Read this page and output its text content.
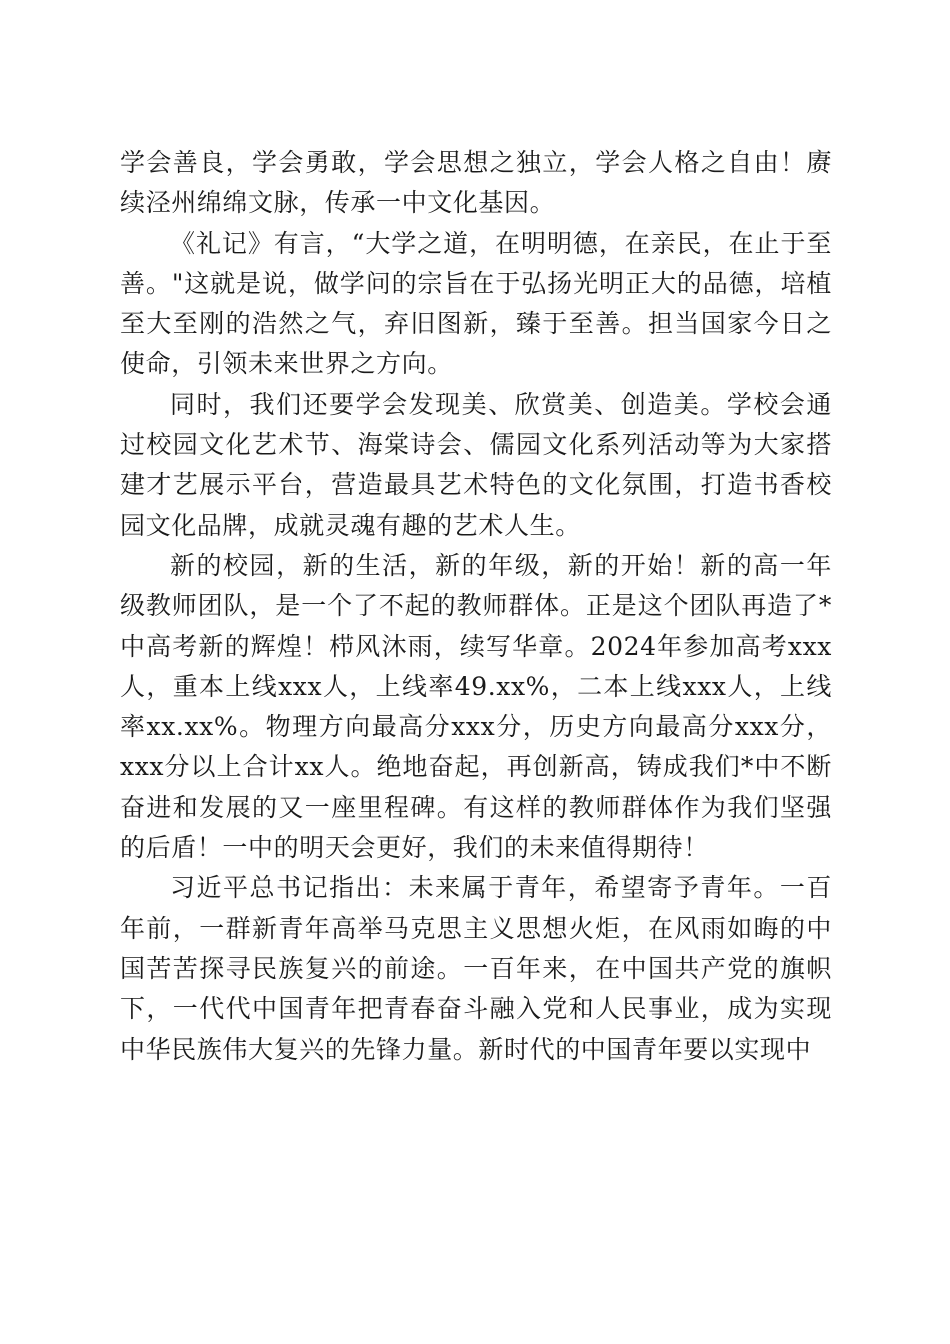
学会善良，学会勇敢，学会思想之独立，学会人格之自由！赓续泾州绵绵文脉，传承一中文化基因。

《礼记》有言，“大学之道，在明明德，在亲民，在止于至善。"这就是说，做学问的宗旨在于弘扬光明正大的品德，培植至大至刚的浩然之气，弃旧图新，臻于至善。担当国家今日之使命，引领未来世界之方向。

同时，我们还要学会发现美、欣赏美、创造美。学校会通过校园文化艺术节、海棠诗会、儒园文化系列活动等为大家搭建才艺展示平台，营造最具艺术特色的文化氛围，打造书香校园文化品牌，成就灵魂有趣的艺术人生。

新的校园，新的生活，新的年级，新的开始！新的高一年级教师团队，是一个了不起的教师群体。正是这个团队再造了*中高考新的辉煌！栉风沐雨，续写华章。2024年参加高考xxx人，重本上线xxx人，上线率49.xx%，二本上线xxx人，上线率xx.xx%。物理方向最高分xxx分，历史方向最高分xxx分，xxx分以上合计xx人。绝地奋起，再创新高，铸成我们*中不断奋进和发展的又一座里程碑。有这样的教师群体作为我们坚强的后盾！一中的明天会更好，我们的未来值得期待！

习近平总书记指出：未来属于青年，希望寄予青年。一百年前，一群新青年高举马克思主义思想火炬，在风雨如晦的中国苦苦探寻民族复兴的前途。一百年来，在中国共产党的旗帜下，一代代中国青年把青春奋斗融入党和人民事业，成为实现中华民族伟大复兴的先锋力量。新时代的中国青年要以实现中
